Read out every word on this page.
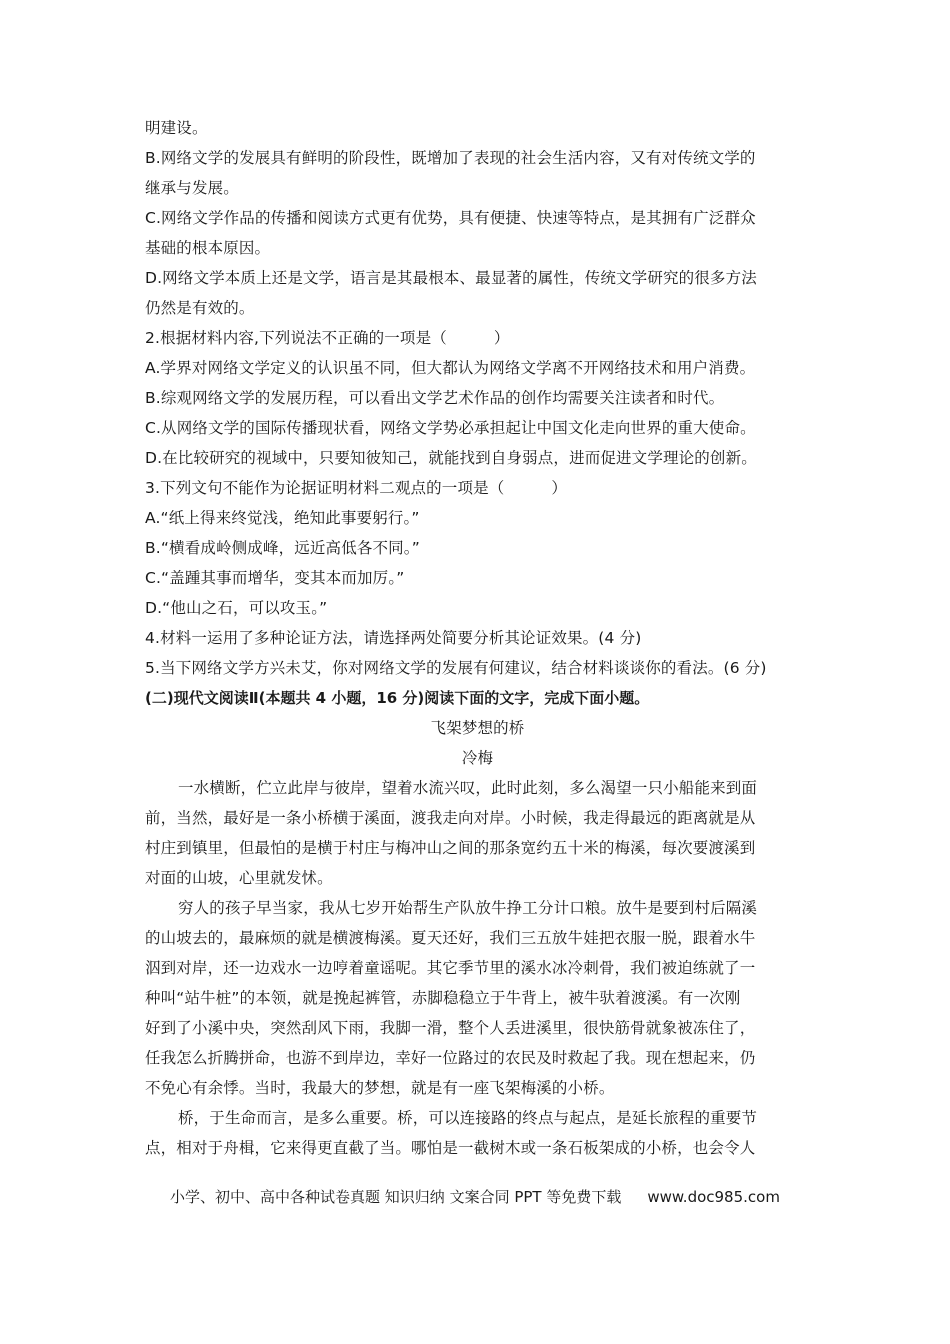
明建设。
B.网络文学的发展具有鲜明的阶段性，既增加了表现的社会生活内容，又有对传统文学的
继承与发展。
C.网络文学作品的传播和阅读方式更有优势，具有便捷、快速等特点，是其拥有广泛群众
基础的根本原因。
D.网络文学本质上还是文学，语言是其最根本、最显著的属性，传统文学研究的很多方法
仍然是有效的。
2.根据材料内容,下列说法不正确的一项是（　　　）
A.学界对网络文学定义的认识虽不同，但大都认为网络文学离不开网络技术和用户消费。
B.综观网络文学的发展历程，可以看出文学艺术作品的创作均需要关注读者和时代。
C.从网络文学的国际传播现状看，网络文学势必承担起让中国文化走向世界的重大使命。
D.在比较研究的视域中，只要知彼知己，就能找到自身弱点，进而促进文学理论的创新。
3.下列文句不能作为论据证明材料二观点的一项是（　　　）
A.“纸上得来终觉浅，绝知此事要躬行。”
B.“横看成岭侧成峰，远近高低各不同。”
C.“盖踵其事而增华，变其本而加厉。”
D.“他山之石，可以攻玉。”
4.材料一运用了多种论证方法，请选择两处简要分析其论证效果。(4 分)
5.当下网络文学方兴未艾，你对网络文学的发展有何建议，结合材料谈谈你的看法。(6 分)
(二)现代文阅读Ⅱ(本题共 4 小题，16 分)阅读下面的文字，完成下面小题。
飞架梦想的桥
冷梅
一水横断，伫立此岸与彼岸，望着水流兴叹，此时此刻，多么渴望一只小船能来到面
前，当然，最好是一条小桥横于溪面，渡我走向对岸。小时候，我走得最远的距离就是从
村庄到镇里，但最怕的是横于村庄与梅冲山之间的那条宽约五十米的梅溪，每次要渡溪到
对面的山坡，心里就发怵。
穷人的孩子早当家，我从七岁开始帮生产队放牛挣工分计口粮。放牛是要到村后隔溪
的山坡去的，最麻烦的就是横渡梅溪。夏天还好，我们三五放牛娃把衣服一脱，跟着水牛
泅到对岸，还一边戏水一边哼着童谣呢。其它季节里的溪水冰冷刺骨，我们被迫练就了一
种叫“站牛桩”的本领，就是挽起裤管，赤脚稳稳立于牛背上，被牛驮着渡溪。有一次刚
好到了小溪中央，突然刮风下雨，我脚一滑，整个人丢进溪里，很快筋骨就象被冻住了，
任我怎么折腾拼命，也游不到岸边，幸好一位路过的农民及时救起了我。现在想起来，仍
不免心有余悸。当时，我最大的梦想，就是有一座飞架梅溪的小桥。
桥，于生命而言，是多么重要。桥，可以连接路的终点与起点，是延长旅程的重要节
点，相对于舟楫，它来得更直截了当。哪怕是一截树木或一条石板架成的小桥，也会令人
小学、初中、高中各种试卷真题 知识归纳 文案合同 PPT 等免费下载 www.doc985.com
